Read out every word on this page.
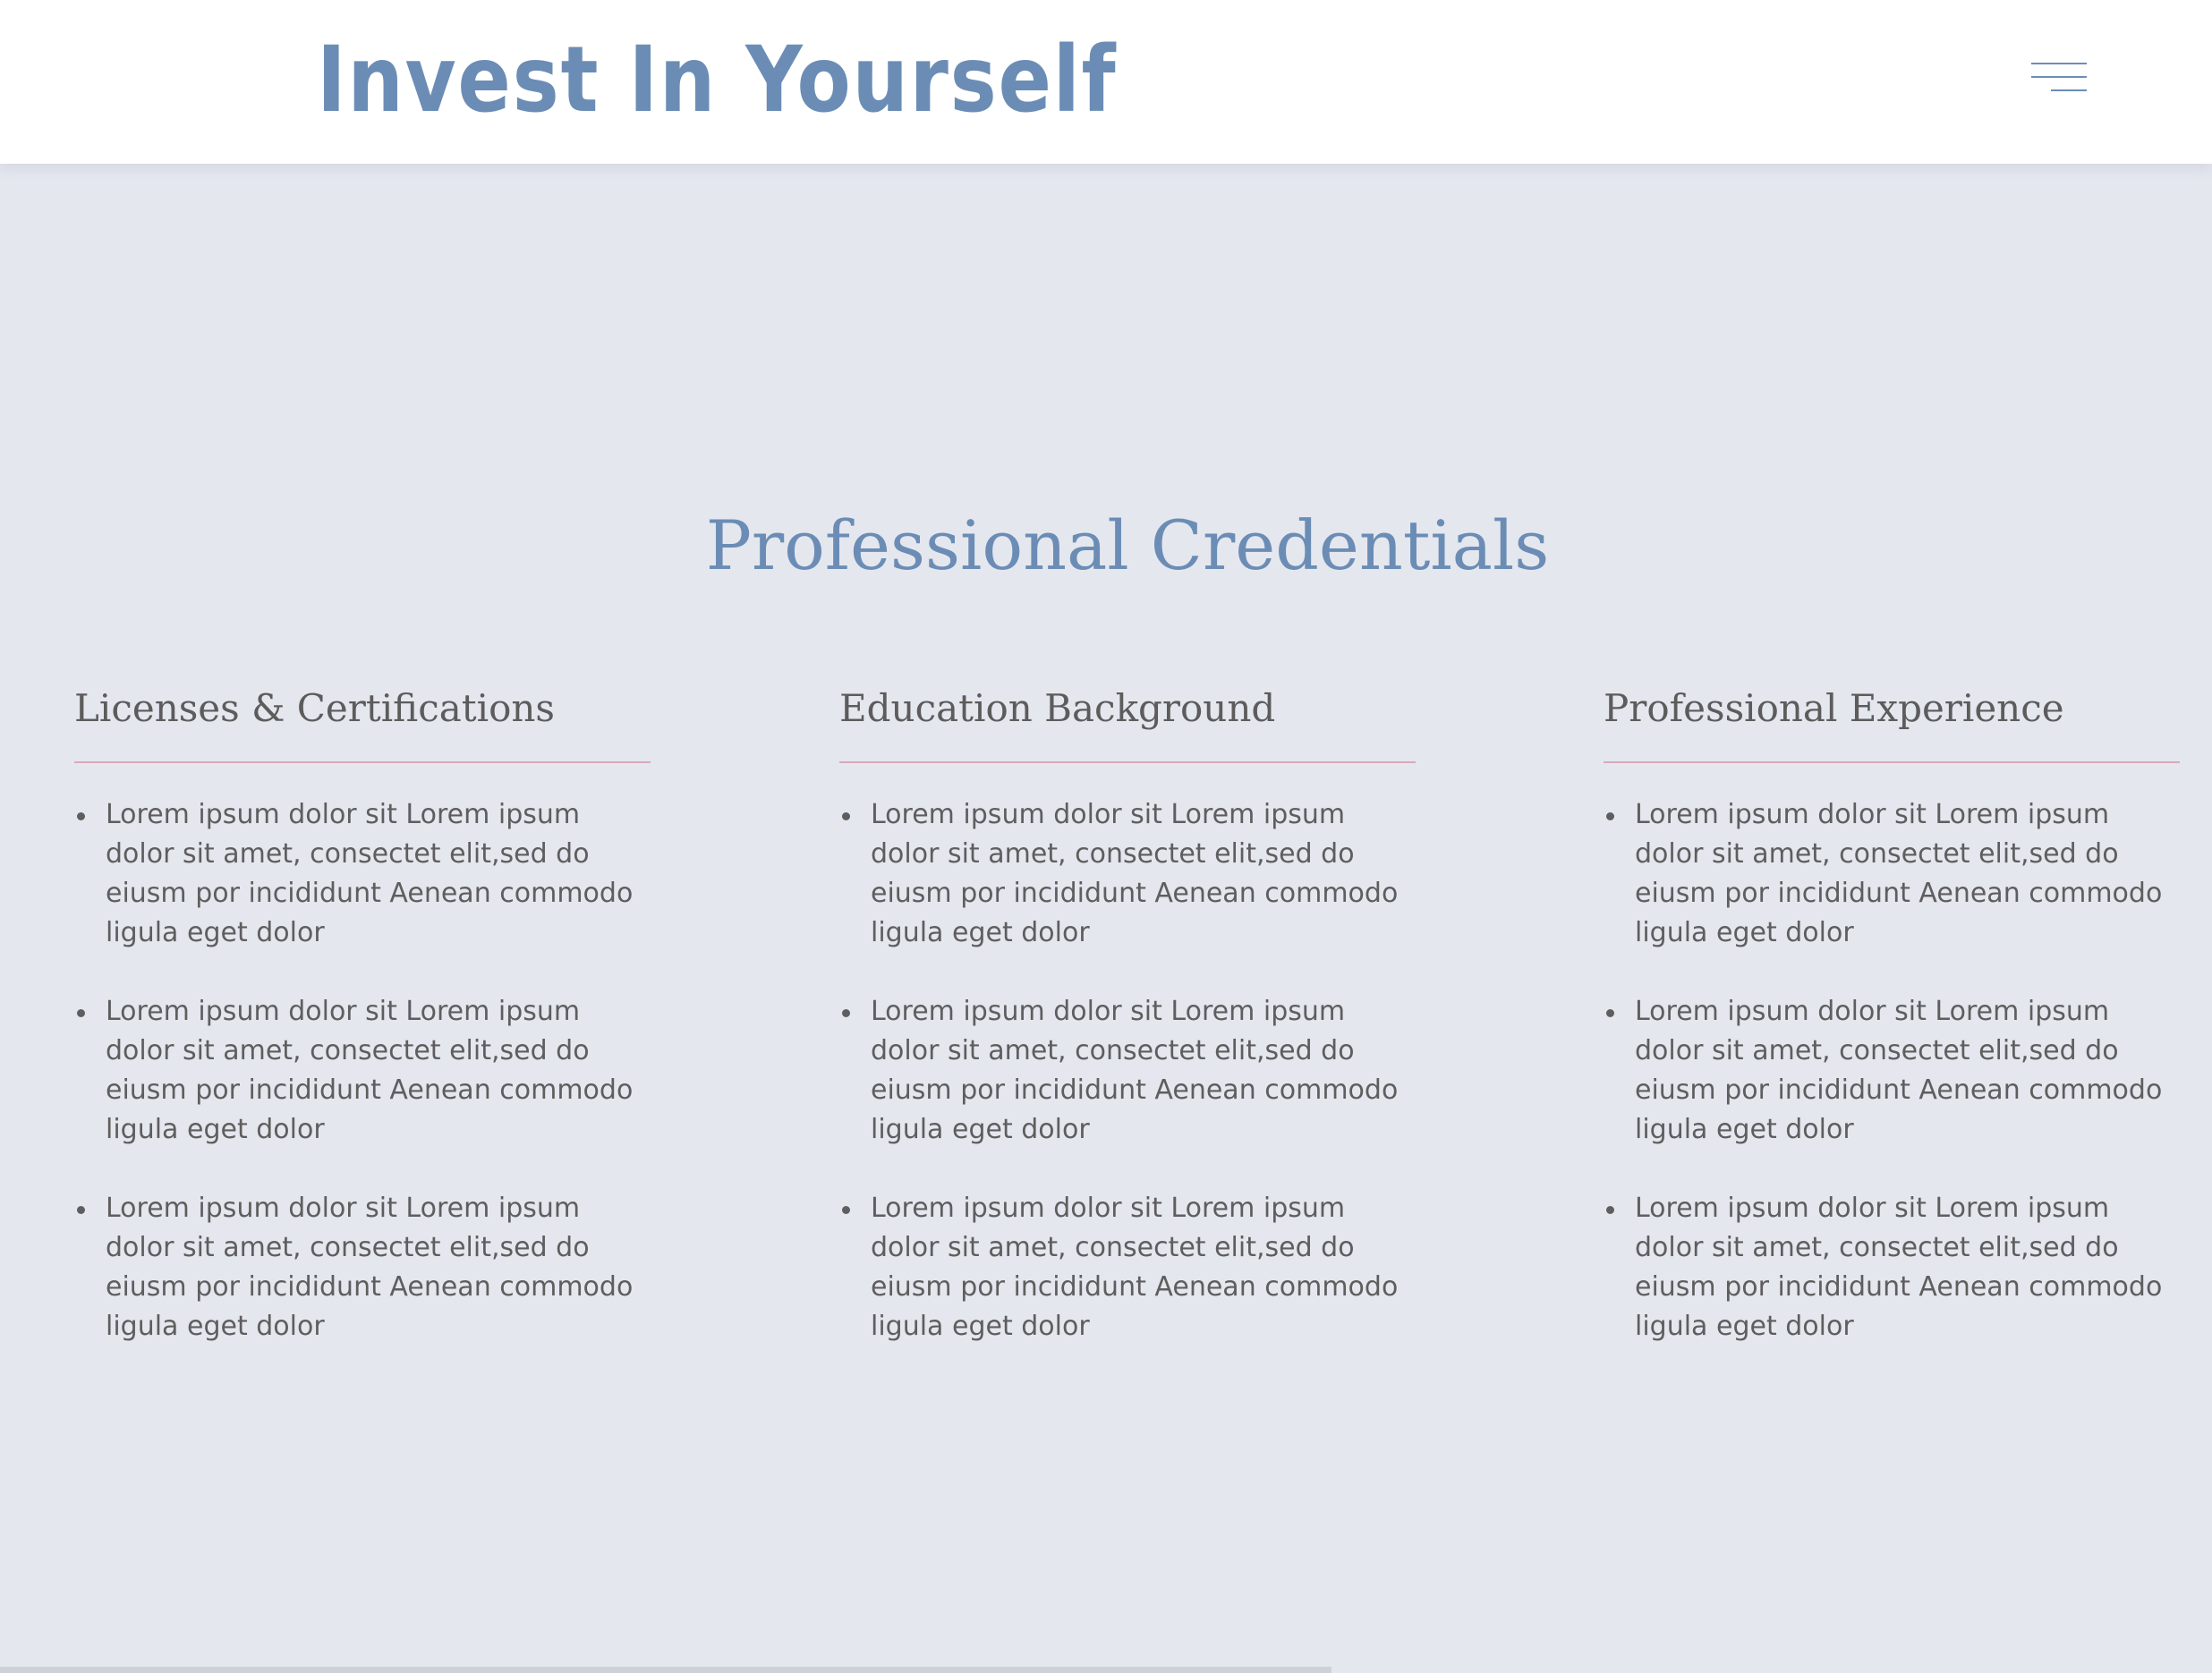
Invest In Yourself
Professional Credentials
Licenses & Certifications
Lorem ipsum dolor sit Lorem ipsum dolor sit amet, consectet elit,sed do eiusm por incididunt Aenean commodo ligula eget dolor
Lorem ipsum dolor sit Lorem ipsum dolor sit amet, consectet elit,sed do eiusm por incididunt Aenean commodo ligula eget dolor
Lorem ipsum dolor sit Lorem ipsum dolor sit amet, consectet elit,sed do eiusm por incididunt Aenean commodo ligula eget dolor
Education Background
Lorem ipsum dolor sit Lorem ipsum dolor sit amet, consectet elit,sed do eiusm por incididunt Aenean commodo ligula eget dolor
Lorem ipsum dolor sit Lorem ipsum dolor sit amet, consectet elit,sed do eiusm por incididunt Aenean commodo ligula eget dolor
Lorem ipsum dolor sit Lorem ipsum dolor sit amet, consectet elit,sed do eiusm por incididunt Aenean commodo ligula eget dolor
Professional Experience
Lorem ipsum dolor sit Lorem ipsum dolor sit amet, consectet elit,sed do eiusm por incididunt Aenean commodo ligula eget dolor
Lorem ipsum dolor sit Lorem ipsum dolor sit amet, consectet elit,sed do eiusm por incididunt Aenean commodo ligula eget dolor
Lorem ipsum dolor sit Lorem ipsum dolor sit amet, consectet elit,sed do eiusm por incididunt Aenean commodo ligula eget dolor
